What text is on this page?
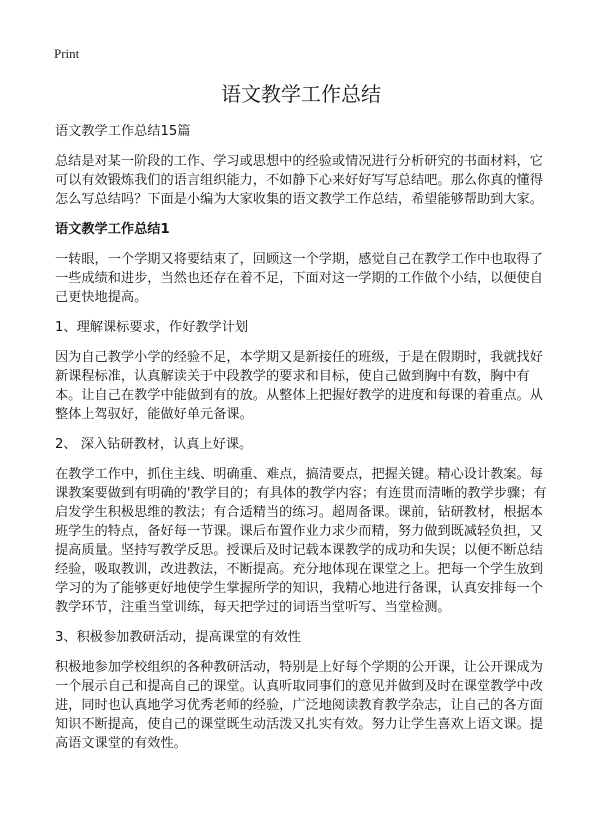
Print
语文教学工作总结

语文教学工作总结15篇

总结是对某一阶段的工作、学习或思想中的经验或情况进行分析研究的书面材料，它可以有效锻炼我们的语言组织能力，不如静下心来好好写写总结吧。那么你真的懂得怎么写总结吗？下面是小编为大家收集的语文教学工作总结，希望能够帮助到大家。

语文教学工作总结1

一转眼，一个学期又将要结束了，回顾这一个学期，感觉自己在教学工作中也取得了一些成绩和进步，当然也还存在着不足，下面对这一学期的工作做个小结，以便使自己更快地提高。

1、理解课标要求，作好教学计划

因为自己教学小学的经验不足，本学期又是新接任的班级，于是在假期时，我就找好新课程标准，认真解读关于中段教学的要求和目标，使自己做到胸中有数，胸中有本。让自己在教学中能做到有的放。从整体上把握好教学的进度和每课的着重点。从整体上驾驭好，能做好单元备课。

2、 深入钻研教材，认真上好课。

在教学工作中，抓住主线、明确重、难点，搞清要点，把握关键。精心设计教案。每课教案要做到有明确的'教学目的；有具体的教学内容；有连贯而清晰的教学步骤；有启发学生积极思维的教法；有合适精当的练习。超周备课。课前，钻研教材，根据本班学生的特点，备好每一节课。课后布置作业力求少而精，努力做到既减轻负担，又提高质量。坚持写教学反思。授课后及时记载本课教学的成功和失误；以便不断总结经验，吸取教训，改进教法，不断提高。充分地体现在课堂之上。把每一个学生放到学习的为了能够更好地使学生掌握所学的知识，我精心地进行备课，认真安排每一个教学环节，注重当堂训练，每天把学过的词语当堂听写、当堂检测。

3、积极参加教研活动，提高课堂的有效性

积极地参加学校组织的各种教研活动，特别是上好每个学期的公开课，让公开课成为一个展示自己和提高自己的课堂。认真听取同事们的意见并做到及时在课堂教学中改进，同时也认真地学习优秀老师的经验，广泛地阅读教育教学杂志，让自己的各方面知识不断提高，使自己的课堂既生动活泼又扎实有效。努力让学生喜欢上语文课。提高语文课堂的有效性。
